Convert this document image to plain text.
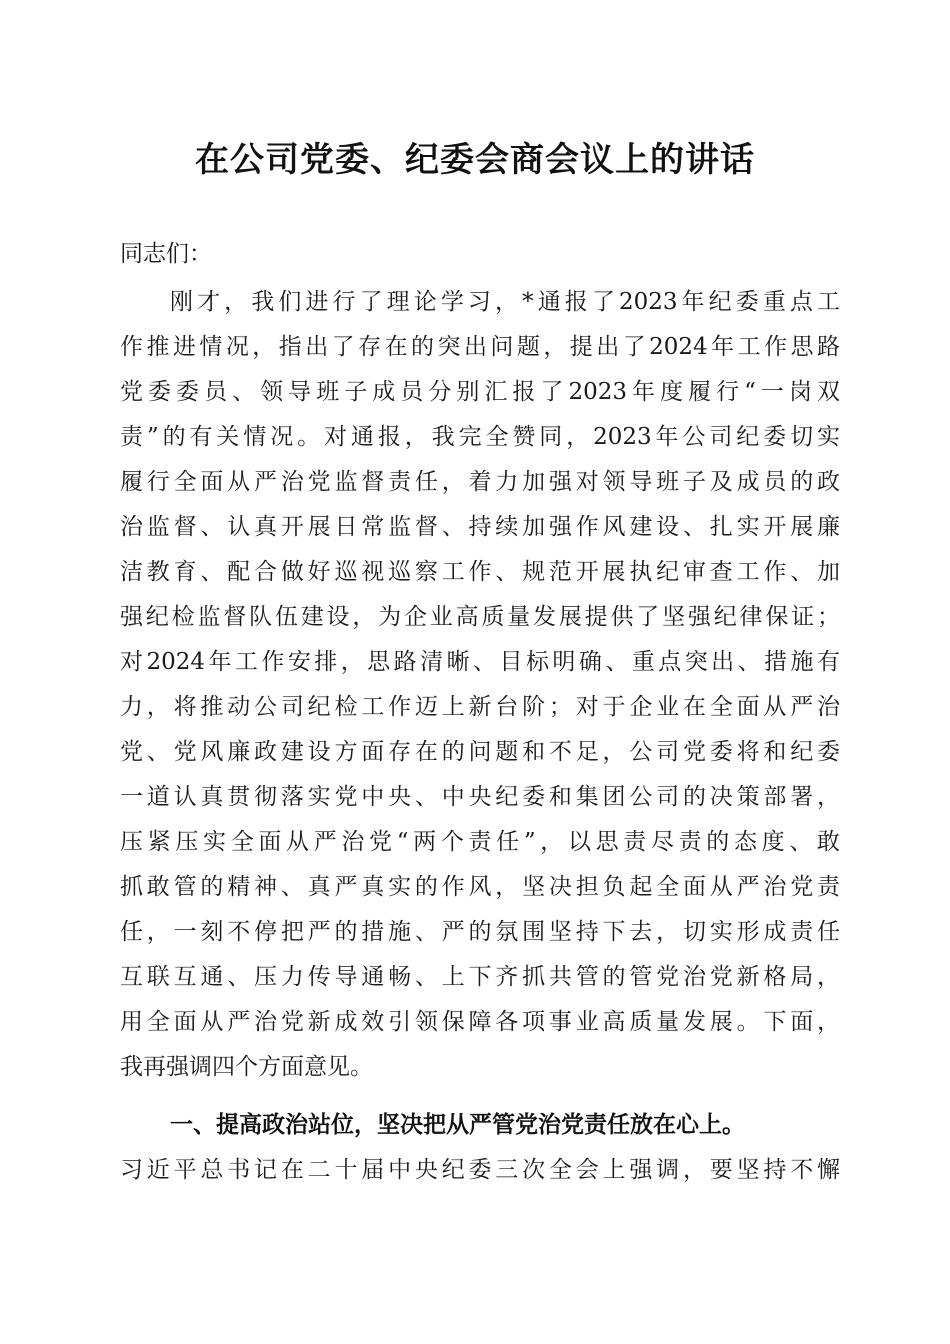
在公司党委、纪委会商会议上的讲话
同志们：
刚才，我们进行了理论学习，*通报了2023年纪委重点工
作推进情况，指出了存在的突出问题，提出了2024年工作思路
党委委员、领导班子成员分别汇报了2023年度履行“一岗双
责”的有关情况。对通报，我完全赞同，2023年公司纪委切实
履行全面从严治党监督责任，着力加强对领导班子及成员的政
治监督、认真开展日常监督、持续加强作风建设、扎实开展廉
洁教育、配合做好巡视巡察工作、规范开展执纪审查工作、加
强纪检监督队伍建设，为企业高质量发展提供了坚强纪律保证；
对2024年工作安排，思路清晰、目标明确、重点突出、措施有
力，将推动公司纪检工作迈上新台阶；对于企业在全面从严治
党、党风廉政建设方面存在的问题和不足，公司党委将和纪委
一道认真贯彻落实党中央、中央纪委和集团公司的决策部署，
压紧压实全面从严治党“两个责任”，以思责尽责的态度、敢
抓敢管的精神、真严真实的作风，坚决担负起全面从严治党责
任，一刻不停把严的措施、严的氛围坚持下去，切实形成责任
互联互通、压力传导通畅、上下齐抓共管的管党治党新格局，
用全面从严治党新成效引领保障各项事业高质量发展。下面，
我再强调四个方面意见。
一、提高政治站位，坚决把从严管党治党责任放在心上。
习近平总书记在二十届中央纪委三次全会上强调，要坚持不懈
